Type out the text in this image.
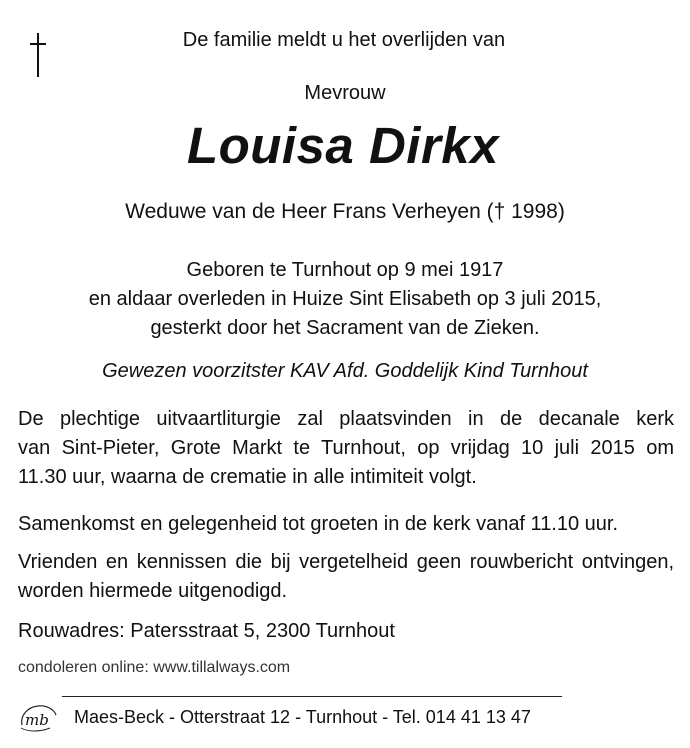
De familie meldt u het overlijden van
Mevrouw
Louisa Dirkx
Weduwe van de Heer Frans Verheyen († 1998)
Geboren te Turnhout op 9 mei 1917
en aldaar overleden in Huize Sint Elisabeth op 3 juli 2015,
gesterkt door het Sacrament van de Zieken.
Gewezen voorzitster KAV Afd. Goddelijk Kind Turnhout
De plechtige uitvaartliturgie zal plaatsvinden in de decanale kerk
van Sint-Pieter, Grote Markt te Turnhout, op vrijdag 10 juli 2015 om
11.30 uur, waarna de crematie in alle intimiteit volgt.
Samenkomst en gelegenheid tot groeten in de kerk vanaf 11.10 uur.
Vrienden en kennissen die bij vergetelheid geen rouwbericht ontvingen,
worden hiermede uitgenodigd.
Rouwadres: Patersstraat 5, 2300 Turnhout
condoleren online: www.tillalways.com
mb Maes-Beck - Otterstraat 12 - Turnhout - Tel. 014 41 13 47
